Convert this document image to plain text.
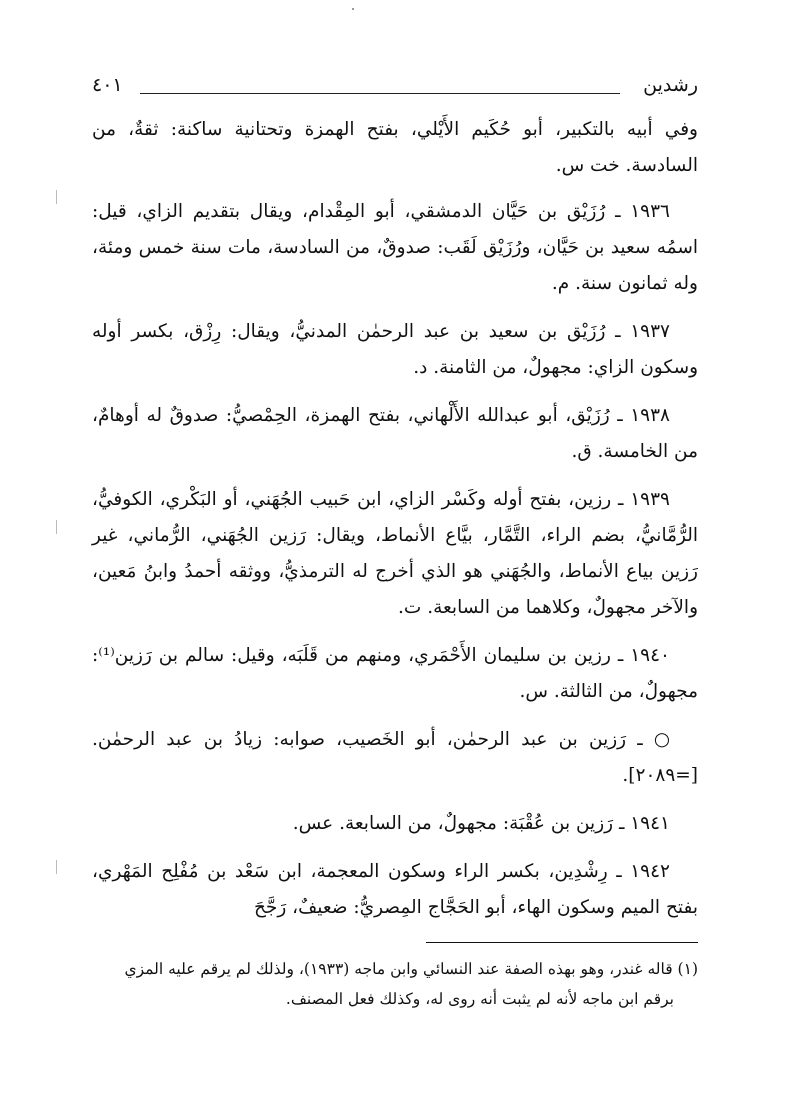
رشدين
٤٠١

وفي أبيه بالتكبير، أبو حُكَيم الأَيْلي، بفتح الهمزة وتحتانية ساكنة: ثقةٌ، من السادسة. خت س.

١٩٣٦ ـ رُزَيْق بن حَيَّان الدمشقي، أبو المِقْدام، ويقال بتقديم الزاي، قيل: اسمُه سعيد بن حَيَّان، ورُزَيْق لَقَب: صدوقٌ، من السادسة، مات سنة خمس ومئة، وله ثمانون سنة. م.

١٩٣٧ ـ رُزَيْق بن سعيد بن عبد الرحمٰن المدنيُّ، ويقال: رِزْق، بكسر أوله وسكون الزاي: مجهولٌ، من الثامنة. د.

١٩٣٨ ـ رُزَيْق، أبو عبدالله الأَلْهاني، بفتح الهمزة، الحِمْصيُّ: صدوقٌ له أوهامٌ، من الخامسة. ق.

١٩٣٩ ـ رزين، بفتح أوله وكَسْر الزاي، ابن حَبيب الجُهَني، أو البَكْري، الكوفيُّ، الرُّمَّانيُّ، بضم الراء، التَّمَّار، بيَّاع الأنماط، ويقال: رَزين الجُهَني، الرُّماني، غير رَزين بياع الأنماط، والجُهَني هو الذي أخرج له الترمذيُّ، ووثقه أحمدُ وابنُ مَعين، والآخر مجهولٌ، وكلاهما من السابعة. ت.

١٩٤٠ ـ رزين بن سليمان الأَحْمَري، ومنهم من قَلَبَه، وقيل: سالم بن رَزين⁽¹⁾: مجهولٌ، من الثالثة. س.

○ ـ رَزين بن عبد الرحمٰن، أبو الخَصيب، صوابه: زيادُ بن عبد الرحمٰن. [=٢٠٨٩].

١٩٤١ ـ رَزين بن عُقْبَة: مجهولٌ، من السابعة. عس.

١٩٤٢ ـ رِشْدِين، بكسر الراء وسكون المعجمة، ابن سَعْد بن مُفْلِح المَهْري، بفتح الميم وسكون الهاء، أبو الحَجَّاج المِصريُّ: ضعيفٌ، رَجَّحَ

(١) قاله غندر، وهو بهذه الصفة عند النسائي وابن ماجه (١٩٣٣)، ولذلك لم يرقم عليه المزي

برقم ابن ماجه لأنه لم يثبت أنه روى له، وكذلك فعل المصنف.
